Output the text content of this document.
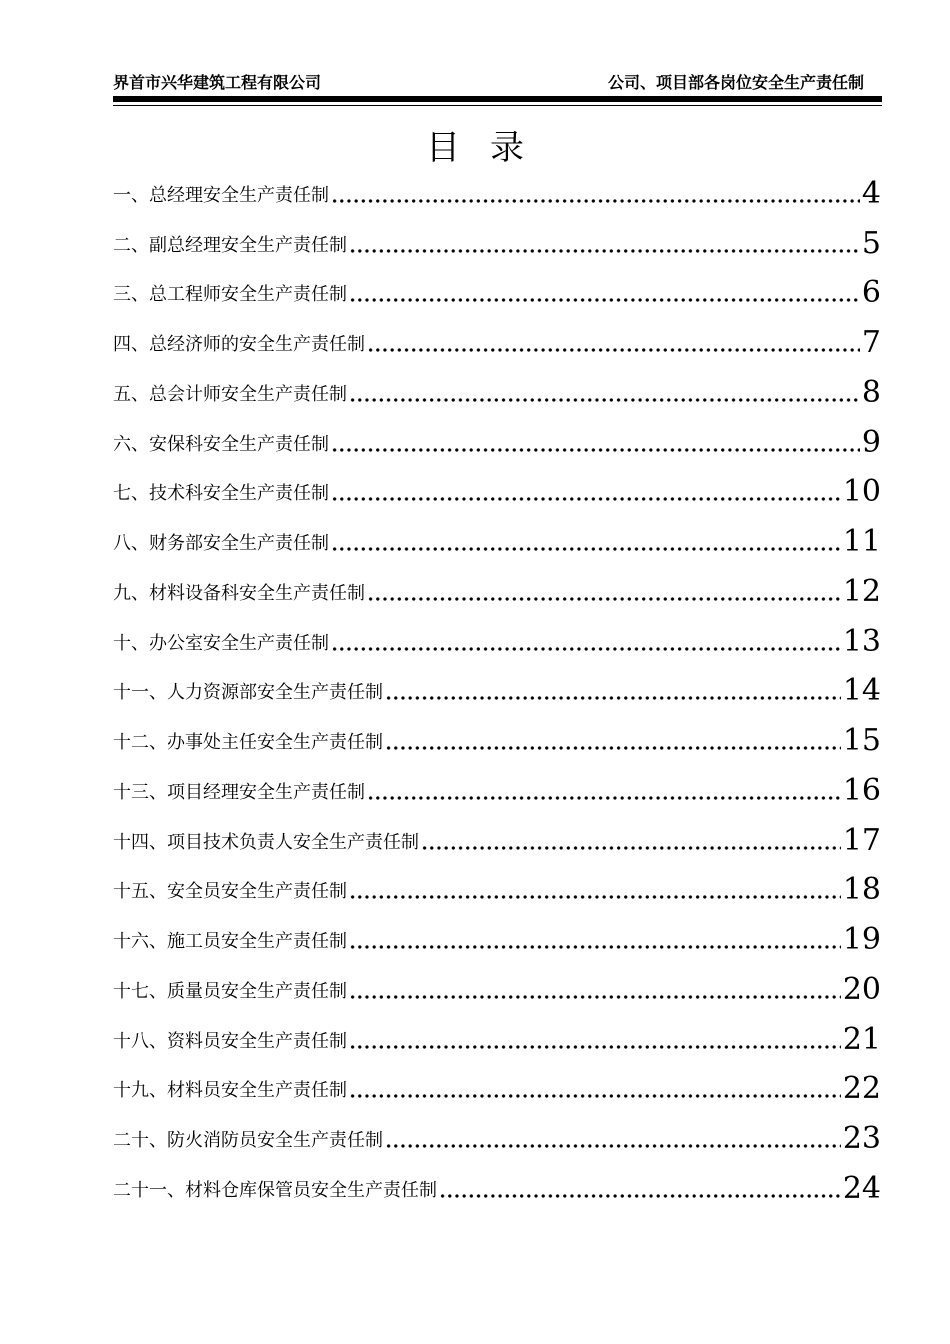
界首市兴华建筑工程有限公司	公司、项目部各岗位安全生产责任制
目录
一、总经理安全生产责任制	4
二、副总经理安全生产责任制	5
三、总工程师安全生产责任制	6
四、总经济师的安全生产责任制	7
五、总会计师安全生产责任制	8
六、安保科安全生产责任制	9
七、技术科安全生产责任制	10
八、财务部安全生产责任制	11
九、材料设备科安全生产责任制	12
十、办公室安全生产责任制	13
十一、人力资源部安全生产责任制	14
十二、办事处主任安全生产责任制	15
十三、项目经理安全生产责任制	16
十四、项目技术负责人安全生产责任制	17
十五、安全员安全生产责任制	18
十六、施工员安全生产责任制	19
十七、质量员安全生产责任制	20
十八、资料员安全生产责任制	21
十九、材料员安全生产责任制	22
二十、防火消防员安全生产责任制	23
二十一、材料仓库保管员安全生产责任制	24
